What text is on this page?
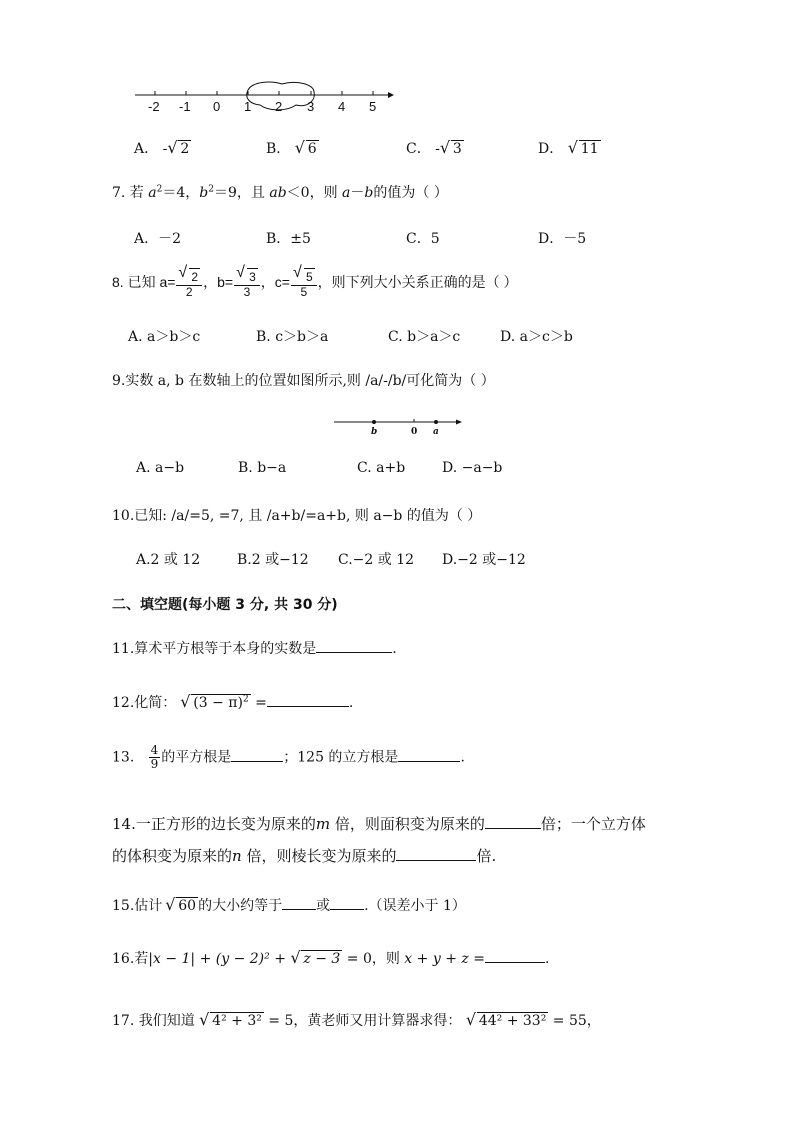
-2 -1 0 1 2 3 4 5
A． - √ 2	B． √ 6	C． - √ 3	D． √ 11
7. 若 $a^2=4$，$b^2=9$，且 ab＜0，则 a－b的值为（ ）
A．－2	B．±5	C．5	D．－5
8. 已知 a= √ $\frac{2}{2}$ ，b= √ $\frac{3}{3}$ ，c= √ $\frac{5}{5}$ ，则下列大小关系正确的是（ ）
A. a＞b＞c	B. c＞b＞a	C. b＞a＞c	D. a＞c＞b
9.实数 a, b 在数轴上的位置如图所示,则 /a/-/b/可化简为（ ）
b	0 a
A. a−b	B. b−a	C. a+b	D. −a−b
10.已知: /a/=5, =7, 且 /a+b/=a+b, 则 a−b 的值为（ ）
A.2 或 12	B.2 或−12 C.−2 或 12 D.−2 或−12
二、填空题(每小题 3 分, 共 30 分)
11.算术平方根等于本身的实数是	.
12.化简： √ $(3 - \pi)^2$ =	.
13. $\frac{4}{9}$ 的平方根是	；125 的立方根是	.
14.一正方形的边长变为原来的m 倍，则面积变为原来的	倍；一个立方体
的体积变为原来的n 倍，则棱长变为原来的	倍.
15.估计 √ 60 的大小约等于 或 .（误差小于 1）
16.若|x − 1| + (y − 2)² + √ z − 3 = 0，则 x + y + z =	.
17. 我们知道 √ 4² + 3² = 5，黄老师又用计算器求得： √ 44² + 33² = 55，
